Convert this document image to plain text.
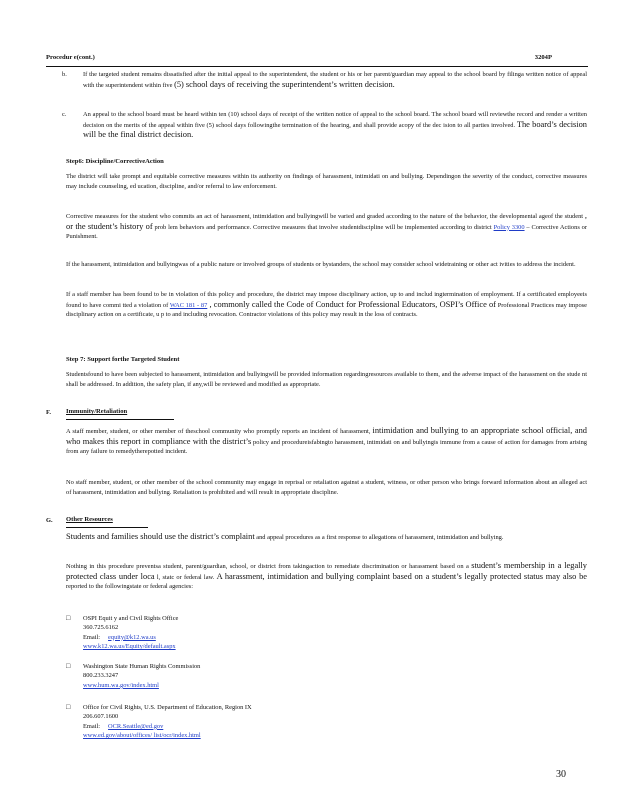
Procedur e(cont.)	3204P
b.	If the targeted student remains dissatisfied after the initial appeal to the superintendent, the student or his or her parent/guardian may appeal to the school board by filinga written notice of appeal with the superintendent within five (5) school days of receiving the superintendent’s written decision.
c.	An appeal to the school board must be heard within ten (10) school days of receipt of the written notice of appeal to the school board. The school board will reviewthe record and render a written decision on the merits of the appeal within five (5) school days followingthe termination of the hearing, and shall provide acopy of the dec ision to all parties involved. The board’s decision will be the final district decision.
Step6: Discipline/CorrectiveAction
The district will take prompt and equitable corrective measures within its authority on findings of harassment, intimidati on and bullying. Dependingon the severity of the conduct, corrective measures may include counseling, ed ucation, discipline, and/or referral to law enforcement.
Corrective measures for the student who commits an act of harassment, intimidation and bullyingwill be varied and graded according to the nature of the behavior, the developmental ageof the student , or the student’s history of prob lem behaviors and performance. Corrective measures that involve studentdiscipline will be implemented according to district Policy 3300 – Corrective Actions or Punishment.
If the harassment, intimidation and bullyingwas of a public nature or involved groups of students or bystanders, the school may consider school widetraining or other act ivities to address the incident.
If a staff member has been found to be in violation of this policy and procedure, the district may impose disciplinary action, up to and includ ingtermination of employment. If a certificated employeeis found to have commi tted a violation of WAC 181 - 87 , commonly called the Code of Conduct for Professional Educators, OSPI’s Office of Professional Practices may impose disciplinary action on a certificate, u p to and including revocation. Contractor violations of this policy may result in the loss of contracts.
Step 7: Support forthe Targeted Student
Studentsfound to have been subjected to harassment, intimidation and bullyingwill be provided information regardingresources available to them, and the adverse impact of the harassment on the stude nt shall be addressed. In addition, the safety plan, if any,will be reviewed and modified as appropriate.
F. Immunity/Retaliation
A staff member, student, or other member of theschool community who promptly reports an incident of harassment, intimidation and bullying to an appropriate school official, and who makes this report in compliance with the district’s policy and procedureisfabingto harassment, intimidati on and bullyingis immune from a cause of action for damages from arising from any failure to remedytherepotted incident.
No staff member, student, or other member of the school community may engage in reprisal or retaliation against a student, witness, or other person who brings forward information about an alleged act of harassment, intimidation and bullying. Retaliation is prohibited and will result in appropriate discipline.
G. Other Resources
Students and families should use the district’s complaint and appeal procedures as a first response to allegations of harassment, intimidation and bullying.
Nothing in this procedure preventsa student, parent/guardian, school, or district from takingaction to remediate discrimination or harassment based on a student’s membership in a legally protected class under loca l, statc or federal law. A harassment, intimidation and bullying complaint based on a student’s legally protected status may also be reported to the followingstate or federal agencies:
□ OSPI Equit y and Civil Rights Office
360.725.6162
Email: equity@k12.wa.us
www.k12.wa.us/Equity/default.aspx
□ Washington State Human Rights Commission
800.233.3247
www.hum.wa.gov/index.html
□ Office for Civil Rights, U.S. Department of Education, Region IX
206.607.1600
Email: OCR.Seattle@ed.gov
www.ed.gov/about/offices/ list/ocr/index.html
30
